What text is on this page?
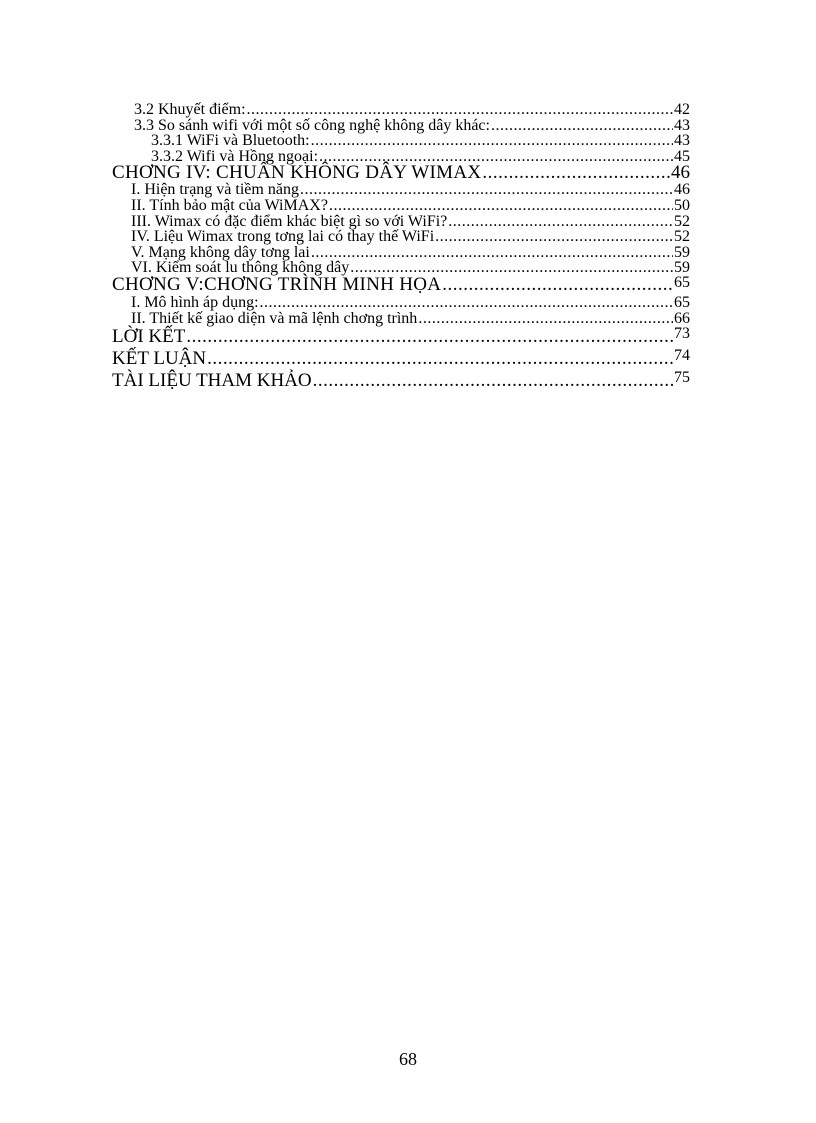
3.2 Khuyết điểm: .....	42
3.3 So sánh wifi với một số công nghệ không dây khác: .....	43
3.3.1 WiFi và Bluetooth: .....	43
3.3.2 Wifi và Hồng ngoại: .....	45
CHƠNG IV: CHUẨN KHÔNG DÂY WIMAX .....	46
I. Hiện trạng và tiềm năng .....	46
II. Tính bảo mật của WiMAX? .....	50
III. Wimax có đặc điểm khác biệt gì so với WiFi? .....	52
IV. Liệu Wimax trong tơng lai có thay thế WiFi .....	52
V. Mạng không dây tơng lai .....	59
VI. Kiểm soát lu thông không dây .....	59
CHƠNG V:CHƠNG TRÌNH MINH HỌA .....	65
I. Mô hình áp dụng: .....	65
II. Thiết kế giao diện và mã lệnh chơng trình .....	66
LỜI KẾT .....	73
KẾT LUẬN .....	74
TÀI LIỆU THAM KHẢO .....	75
68
